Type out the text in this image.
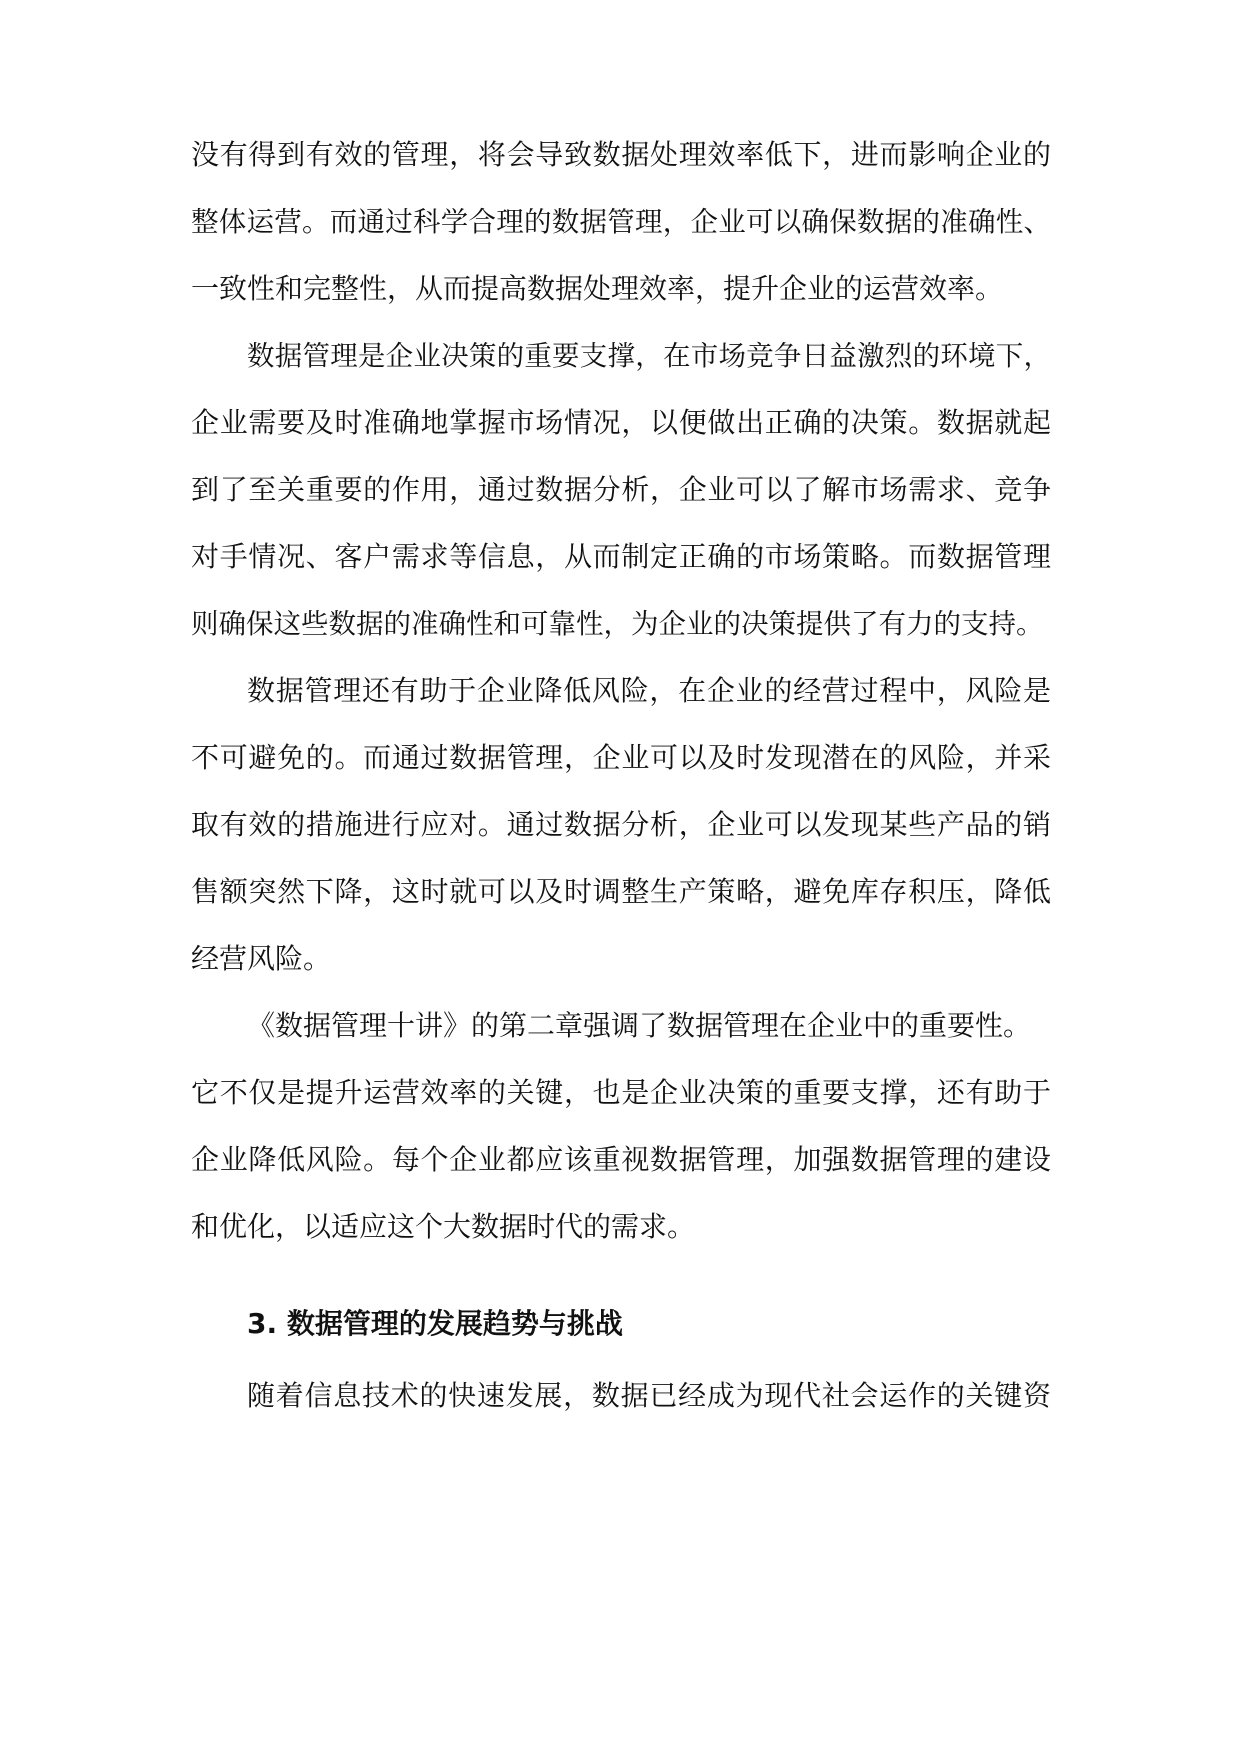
没有得到有效的管理，将会导致数据处理效率低下，进而影响企业的
整体运营。而通过科学合理的数据管理，企业可以确保数据的准确性、
一致性和完整性，从而提高数据处理效率，提升企业的运营效率。
数据管理是企业决策的重要支撑，在市场竞争日益激烈的环境下，
企业需要及时准确地掌握市场情况，以便做出正确的决策。数据就起
到了至关重要的作用，通过数据分析，企业可以了解市场需求、竞争
对手情况、客户需求等信息，从而制定正确的市场策略。而数据管理
则确保这些数据的准确性和可靠性，为企业的决策提供了有力的支持。
数据管理还有助于企业降低风险，在企业的经营过程中，风险是
不可避免的。而通过数据管理，企业可以及时发现潜在的风险，并采
取有效的措施进行应对。通过数据分析，企业可以发现某些产品的销
售额突然下降，这时就可以及时调整生产策略，避免库存积压，降低
经营风险。
《数据管理十讲》的第二章强调了数据管理在企业中的重要性。
它不仅是提升运营效率的关键，也是企业决策的重要支撑，还有助于
企业降低风险。每个企业都应该重视数据管理，加强数据管理的建设
和优化，以适应这个大数据时代的需求。
3. 数据管理的发展趋势与挑战
随着信息技术的快速发展，数据已经成为现代社会运作的关键资
